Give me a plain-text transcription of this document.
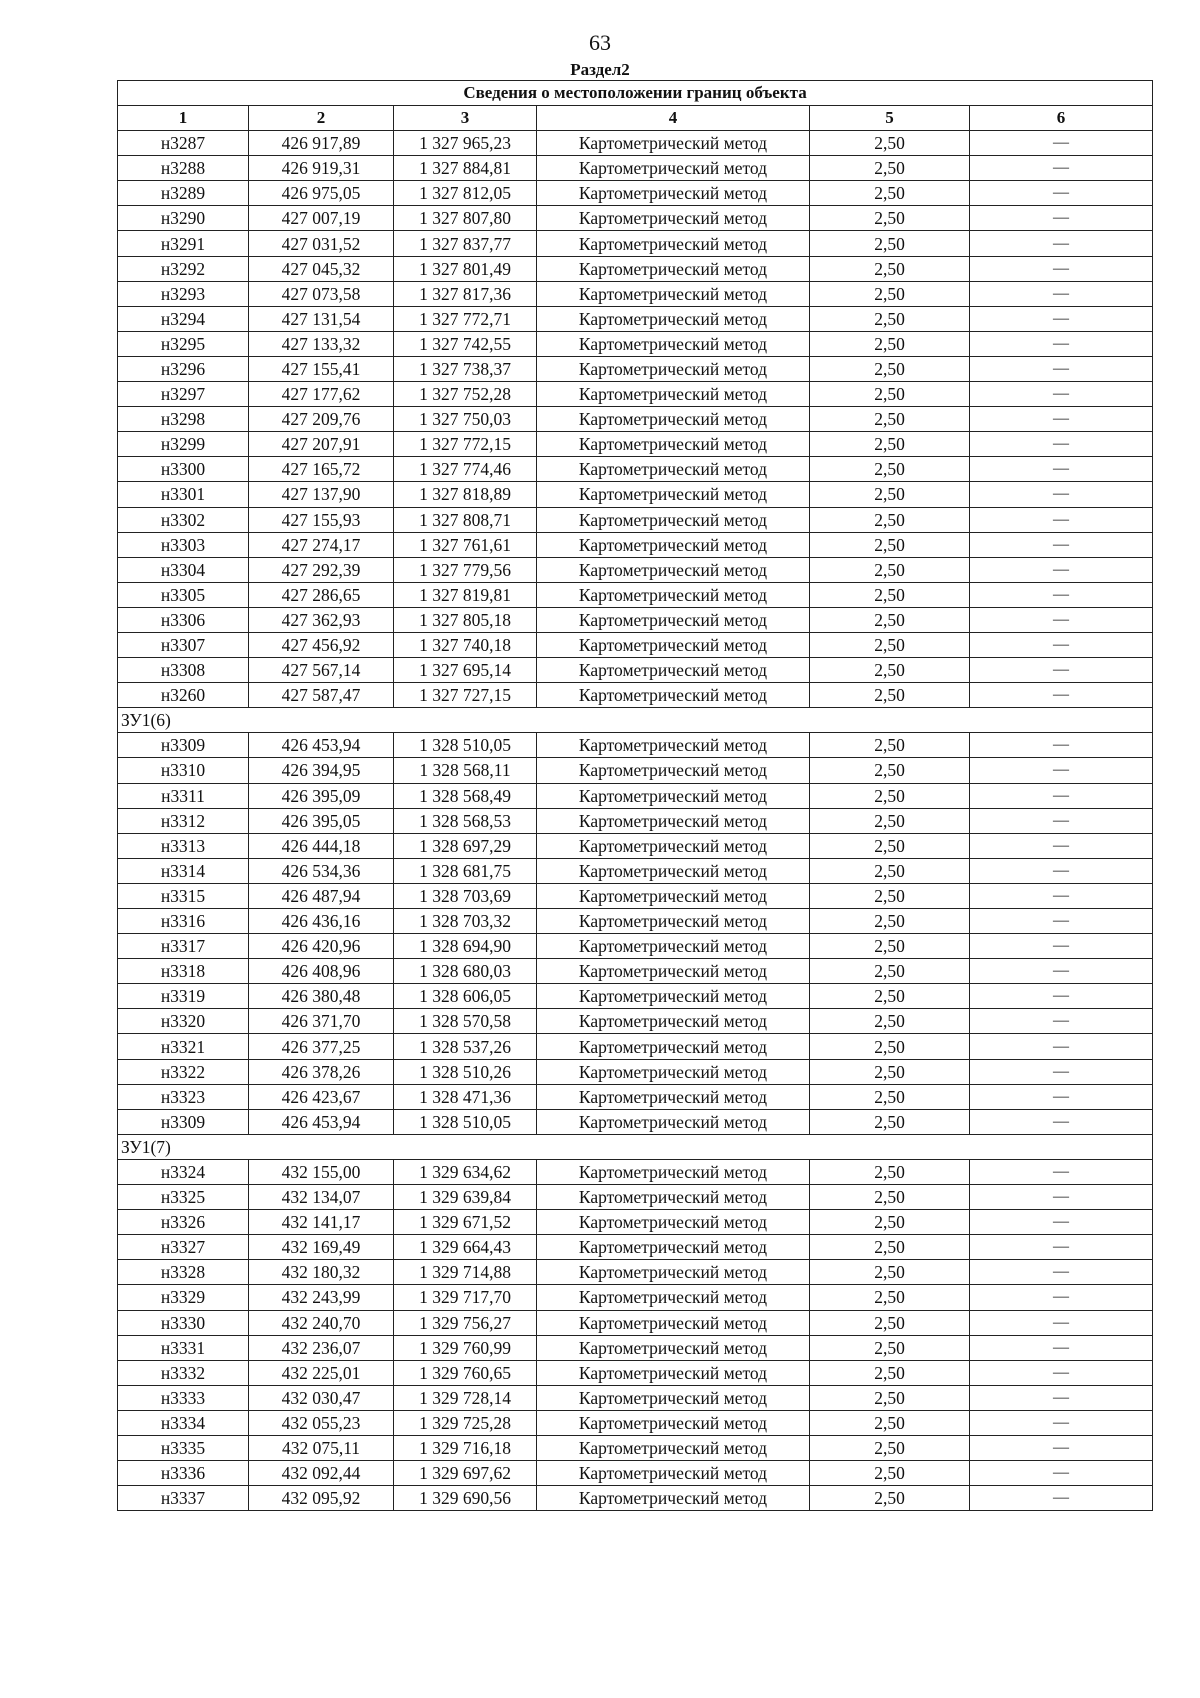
63
Раздел2
Сведения о местоположении границ объекта					
1	2	3	4	5	6
н3287	426 917,89	1 327 965,23	Картометрический метод	2,50	—
н3288	426 919,31	1 327 884,81	Картометрический метод	2,50	—
н3289	426 975,05	1 327 812,05	Картометрический метод	2,50	—
н3290	427 007,19	1 327 807,80	Картометрический метод	2,50	—
н3291	427 031,52	1 327 837,77	Картометрический метод	2,50	—
н3292	427 045,32	1 327 801,49	Картометрический метод	2,50	—
н3293	427 073,58	1 327 817,36	Картометрический метод	2,50	—
н3294	427 131,54	1 327 772,71	Картометрический метод	2,50	—
н3295	427 133,32	1 327 742,55	Картометрический метод	2,50	—
н3296	427 155,41	1 327 738,37	Картометрический метод	2,50	—
н3297	427 177,62	1 327 752,28	Картометрический метод	2,50	—
н3298	427 209,76	1 327 750,03	Картометрический метод	2,50	—
н3299	427 207,91	1 327 772,15	Картометрический метод	2,50	—
н3300	427 165,72	1 327 774,46	Картометрический метод	2,50	—
н3301	427 137,90	1 327 818,89	Картометрический метод	2,50	—
н3302	427 155,93	1 327 808,71	Картометрический метод	2,50	—
н3303	427 274,17	1 327 761,61	Картометрический метод	2,50	—
н3304	427 292,39	1 327 779,56	Картометрический метод	2,50	—
н3305	427 286,65	1 327 819,81	Картометрический метод	2,50	—
н3306	427 362,93	1 327 805,18	Картометрический метод	2,50	—
н3307	427 456,92	1 327 740,18	Картометрический метод	2,50	—
н3308	427 567,14	1 327 695,14	Картометрический метод	2,50	—
н3260	427 587,47	1 327 727,15	Картометрический метод	2,50	—
ЗУ1(6)					
н3309	426 453,94	1 328 510,05	Картометрический метод	2,50	—
н3310	426 394,95	1 328 568,11	Картометрический метод	2,50	—
н3311	426 395,09	1 328 568,49	Картометрический метод	2,50	—
н3312	426 395,05	1 328 568,53	Картометрический метод	2,50	—
н3313	426 444,18	1 328 697,29	Картометрический метод	2,50	—
н3314	426 534,36	1 328 681,75	Картометрический метод	2,50	—
н3315	426 487,94	1 328 703,69	Картометрический метод	2,50	—
н3316	426 436,16	1 328 703,32	Картометрический метод	2,50	—
н3317	426 420,96	1 328 694,90	Картометрический метод	2,50	—
н3318	426 408,96	1 328 680,03	Картометрический метод	2,50	—
н3319	426 380,48	1 328 606,05	Картометрический метод	2,50	—
н3320	426 371,70	1 328 570,58	Картометрический метод	2,50	—
н3321	426 377,25	1 328 537,26	Картометрический метод	2,50	—
н3322	426 378,26	1 328 510,26	Картометрический метод	2,50	—
н3323	426 423,67	1 328 471,36	Картометрический метод	2,50	—
н3309	426 453,94	1 328 510,05	Картометрический метод	2,50	—
ЗУ1(7)					
н3324	432 155,00	1 329 634,62	Картометрический метод	2,50	—
н3325	432 134,07	1 329 639,84	Картометрический метод	2,50	—
н3326	432 141,17	1 329 671,52	Картометрический метод	2,50	—
н3327	432 169,49	1 329 664,43	Картометрический метод	2,50	—
н3328	432 180,32	1 329 714,88	Картометрический метод	2,50	—
н3329	432 243,99	1 329 717,70	Картометрический метод	2,50	—
н3330	432 240,70	1 329 756,27	Картометрический метод	2,50	—
н3331	432 236,07	1 329 760,99	Картометрический метод	2,50	—
н3332	432 225,01	1 329 760,65	Картометрический метод	2,50	—
н3333	432 030,47	1 329 728,14	Картометрический метод	2,50	—
н3334	432 055,23	1 329 725,28	Картометрический метод	2,50	—
н3335	432 075,11	1 329 716,18	Картометрический метод	2,50	—
н3336	432 092,44	1 329 697,62	Картометрический метод	2,50	—
н3337	432 095,92	1 329 690,56	Картометрический метод	2,50	—
